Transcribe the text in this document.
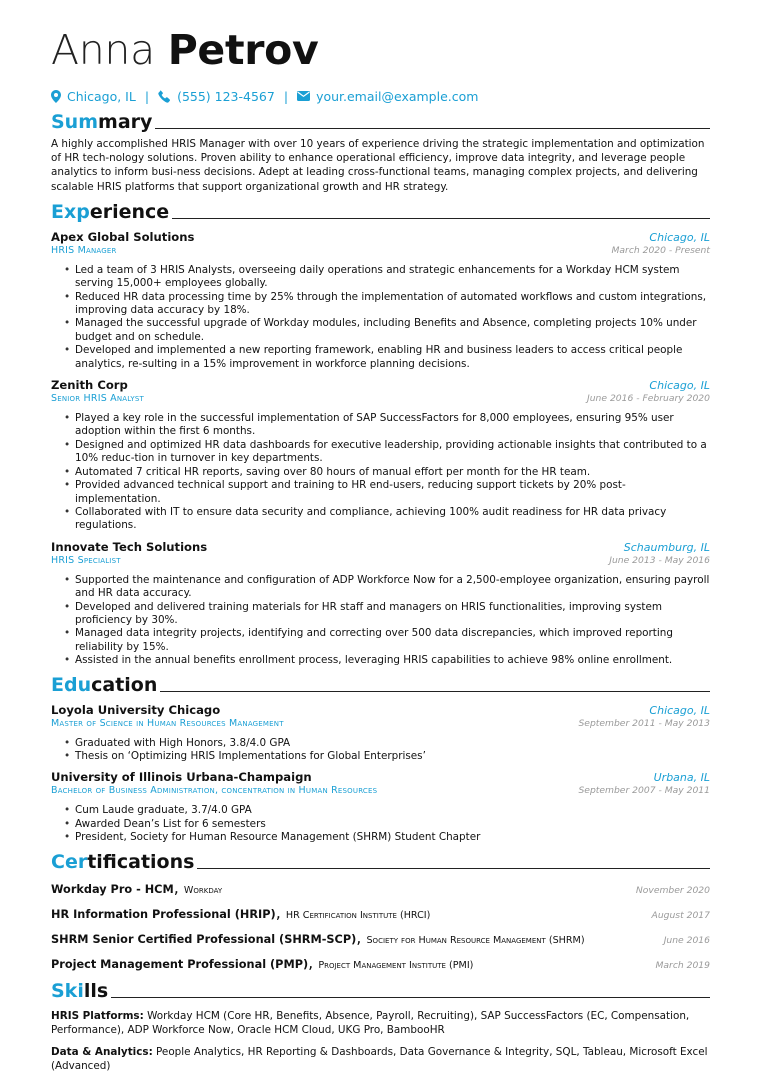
Anna Petrov
Chicago, IL | (555) 123-4567 | your.email@example.com
Summary
A highly accomplished HRIS Manager with over 10 years of experience driving the strategic implementation and optimization of HR tech-nology solutions. Proven ability to enhance operational efficiency, improve data integrity, and leverage people analytics to inform busi-ness decisions. Adept at leading cross-functional teams, managing complex projects, and delivering scalable HRIS platforms that support organizational growth and HR strategy.
Experience
Apex Global Solutions	Chicago, IL
HRIS Manager	March 2020 - Present
• Led a team of 3 HRIS Analysts, overseeing daily operations and strategic enhancements for a Workday HCM system serving 15,000+ employees globally.
• Reduced HR data processing time by 25% through the implementation of automated workflows and custom integrations, improving data accuracy by 18%.
• Managed the successful upgrade of Workday modules, including Benefits and Absence, completing projects 10% under budget and on schedule.
• Developed and implemented a new reporting framework, enabling HR and business leaders to access critical people analytics, re-sulting in a 15% improvement in workforce planning decisions.
Zenith Corp	Chicago, IL
Senior HRIS Analyst	June 2016 - February 2020
• Played a key role in the successful implementation of SAP SuccessFactors for 8,000 employees, ensuring 95% user adoption within the first 6 months.
• Designed and optimized HR data dashboards for executive leadership, providing actionable insights that contributed to a 10% reduc-tion in turnover in key departments.
• Automated 7 critical HR reports, saving over 80 hours of manual effort per month for the HR team.
• Provided advanced technical support and training to HR end-users, reducing support tickets by 20% post-implementation.
• Collaborated with IT to ensure data security and compliance, achieving 100% audit readiness for HR data privacy regulations.
Innovate Tech Solutions	Schaumburg, IL
HRIS Specialist	June 2013 - May 2016
• Supported the maintenance and configuration of ADP Workforce Now for a 2,500-employee organization, ensuring payroll and HR data accuracy.
• Developed and delivered training materials for HR staff and managers on HRIS functionalities, improving system proficiency by 30%.
• Managed data integrity projects, identifying and correcting over 500 data discrepancies, which improved reporting reliability by 15%.
• Assisted in the annual benefits enrollment process, leveraging HRIS capabilities to achieve 98% online enrollment.
Education
Loyola University Chicago	Chicago, IL
Master of Science in Human Resources Management	September 2011 - May 2013
• Graduated with High Honors, 3.8/4.0 GPA
• Thesis on ‘Optimizing HRIS Implementations for Global Enterprises’
University of Illinois Urbana-Champaign	Urbana, IL
Bachelor of Business Administration, concentration in Human Resources	September 2007 - May 2011
• Cum Laude graduate, 3.7/4.0 GPA
• Awarded Dean’s List for 6 semesters
• President, Society for Human Resource Management (SHRM) Student Chapter
Certifications
Workday Pro - HCM, Workday	November 2020
HR Information Professional (HRIP), HR Certification Institute (HRCI)	August 2017
SHRM Senior Certified Professional (SHRM-SCP), Society for Human Resource Management (SHRM)	June 2016
Project Management Professional (PMP), Project Management Institute (PMI)	March 2019
Skills
HRIS Platforms: Workday HCM (Core HR, Benefits, Absence, Payroll, Recruiting), SAP SuccessFactors (EC, Compensation, Performance), ADP Workforce Now, Oracle HCM Cloud, UKG Pro, BambooHR
Data & Analytics: People Analytics, HR Reporting & Dashboards, Data Governance & Integrity, SQL, Tableau, Microsoft Excel (Advanced)
